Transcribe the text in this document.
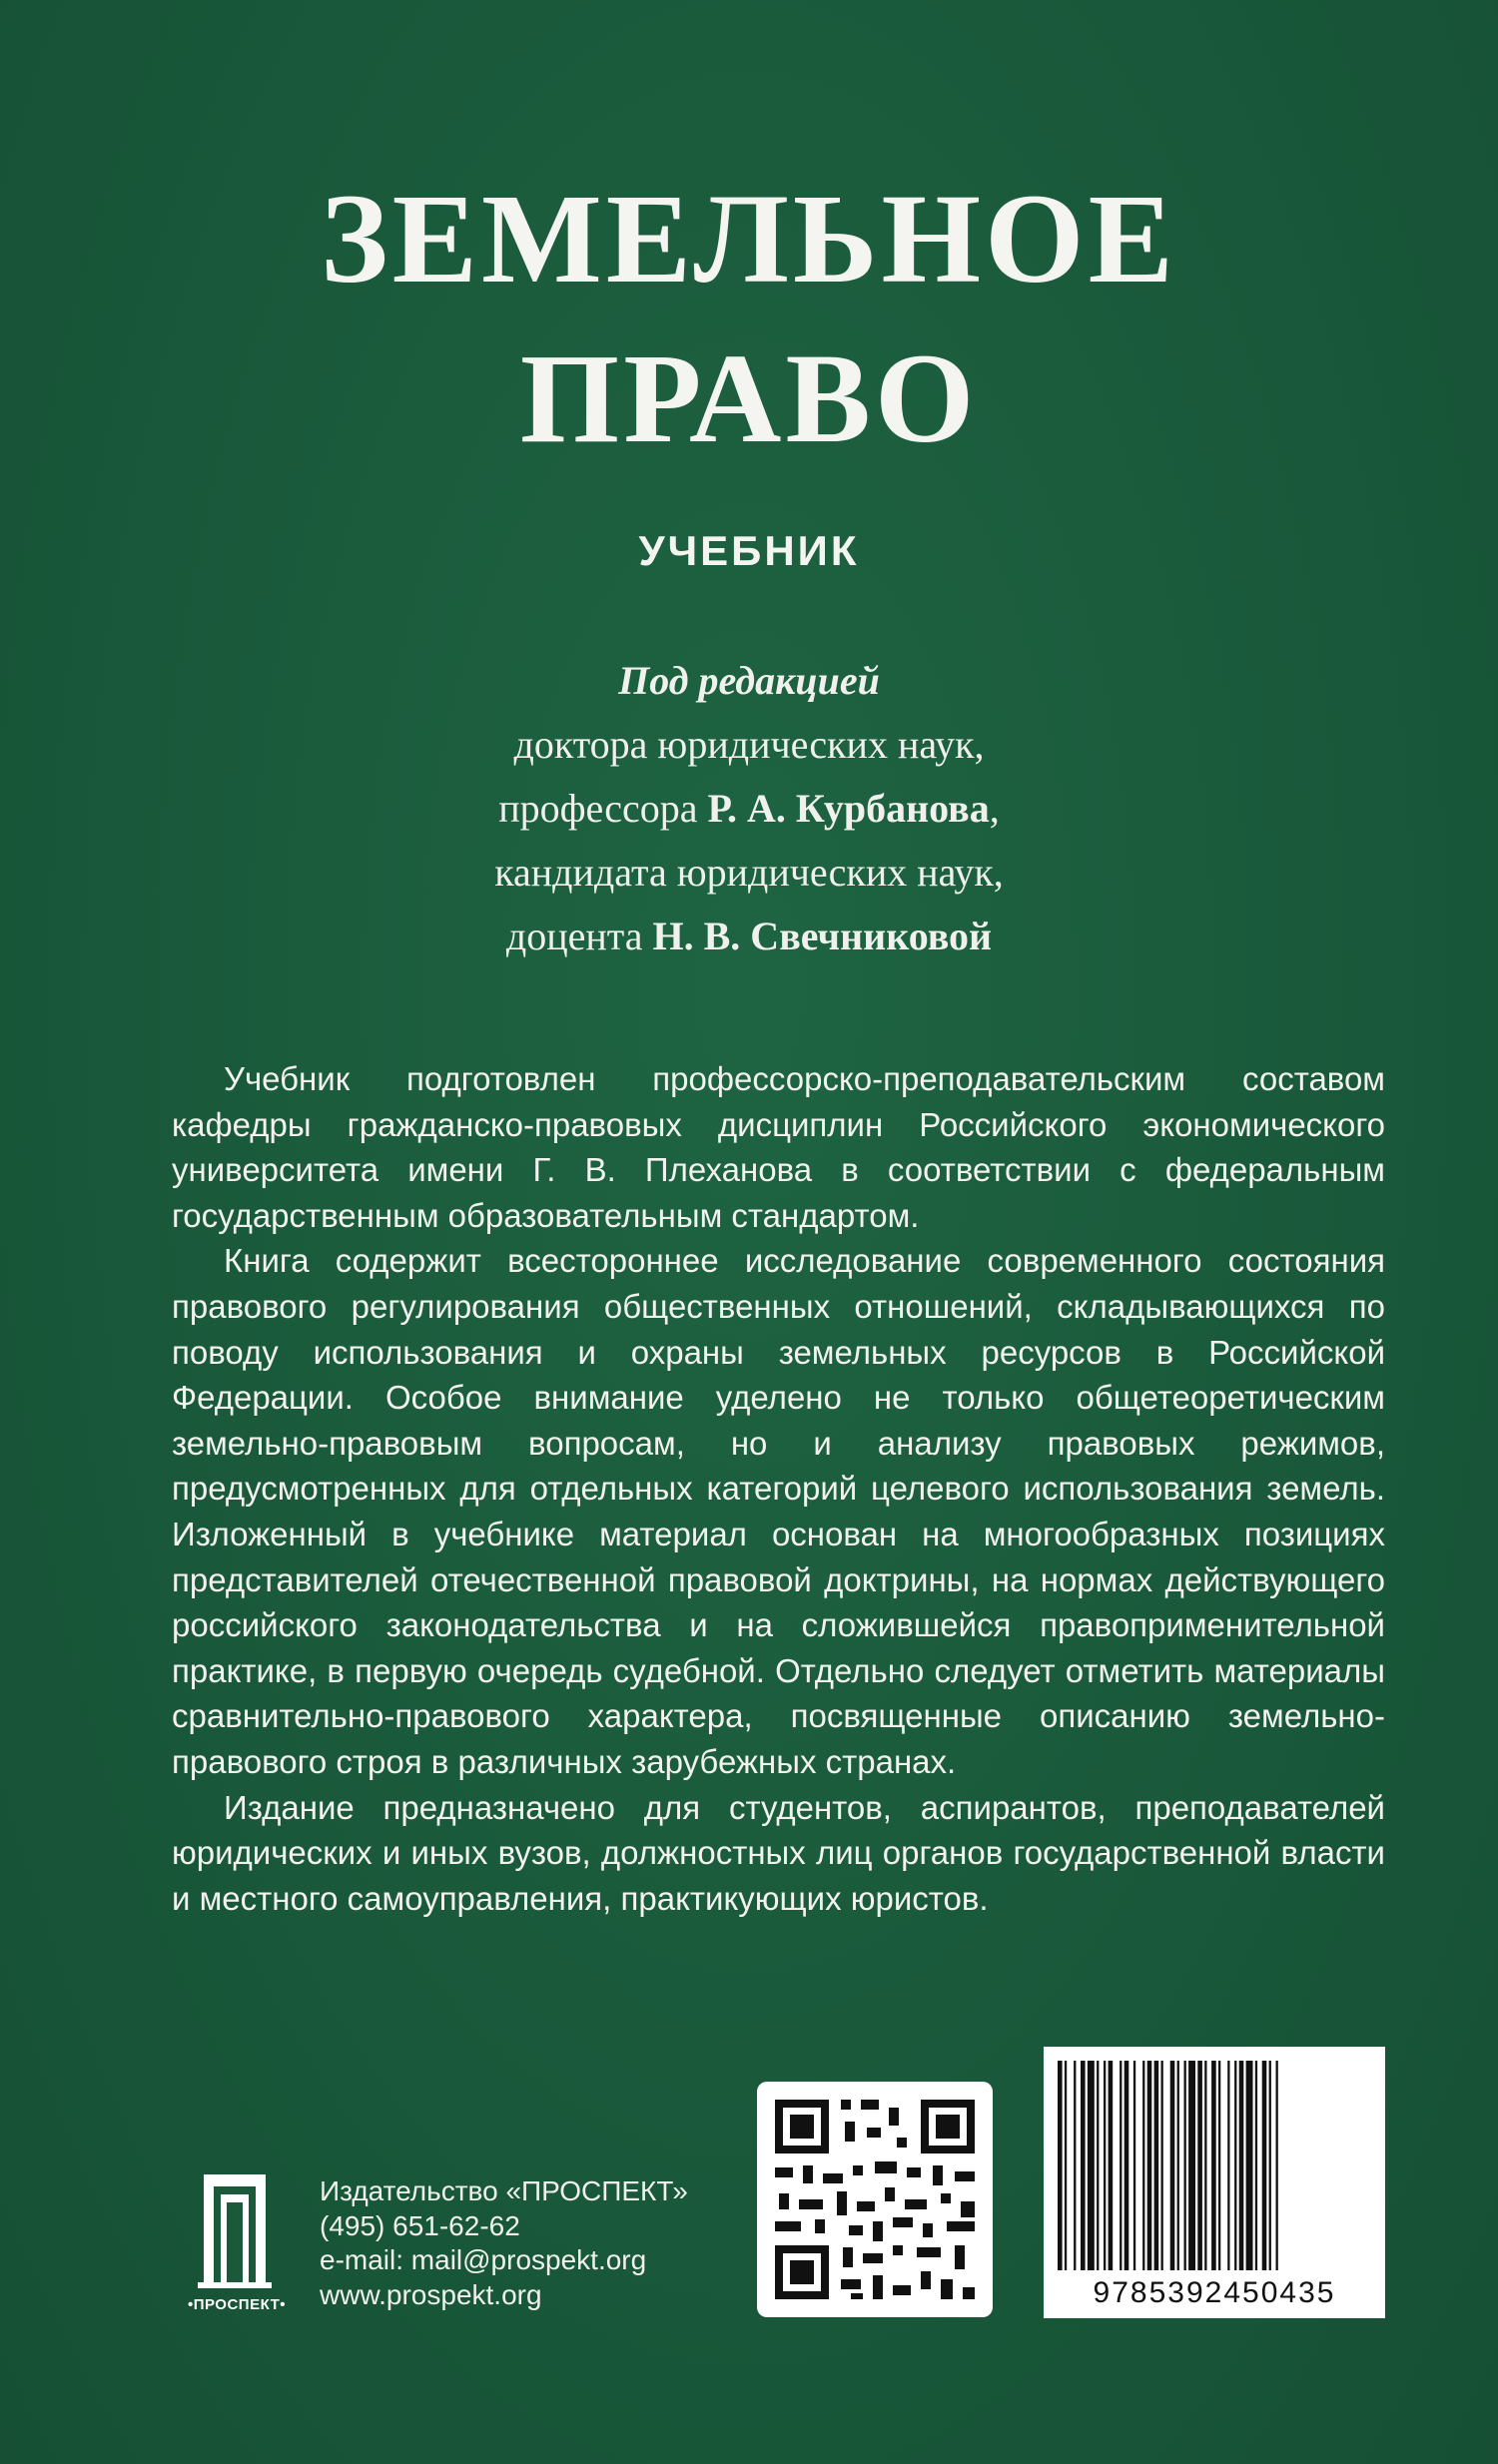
ЗЕМЕЛЬНОЕ
ПРАВО
УЧЕБНИК
Под редакцией
доктора юридических наук,
профессора Р. А. Курбанова,
кандидата юридических наук,
доцента Н. В. Свечниковой

Учебник подготовлен профессорско-преподавательским составом кафедры гражданско-правовых дисциплин Российского экономического университета имени Г. В. Плеханова в соответствии с федеральным государственным образовательным стандартом.

Книга содержит всестороннее исследование современного состояния правового регулирования общественных отношений, складывающихся по поводу использования и охраны земельных ресурсов в Российской Федерации. Особое внимание уделено не только общетеоретическим земельно-правовым вопросам, но и анализу правовых режимов, предусмотренных для отдельных категорий целевого использования земель. Изложенный в учебнике материал основан на многообразных позициях представителей отечественной правовой доктрины, на нормах действующего российского законодательства и на сложившейся правоприменительной практике, в первую очередь судебной. Отдельно следует отметить материалы сравнительно-правового характера, посвященные описанию земельно-правового строя в различных зарубежных странах.

Издание предназначено для студентов, аспирантов, преподавателей юридических и иных вузов, должностных лиц органов государственной власти и местного самоуправления, практикующих юристов.

•ПРОСПЕКТ•
Издательство «ПРОСПЕКТ»
(495) 651-62-62
e-mail: mail@prospekt.org
www.prospekt.org	9785392450435
